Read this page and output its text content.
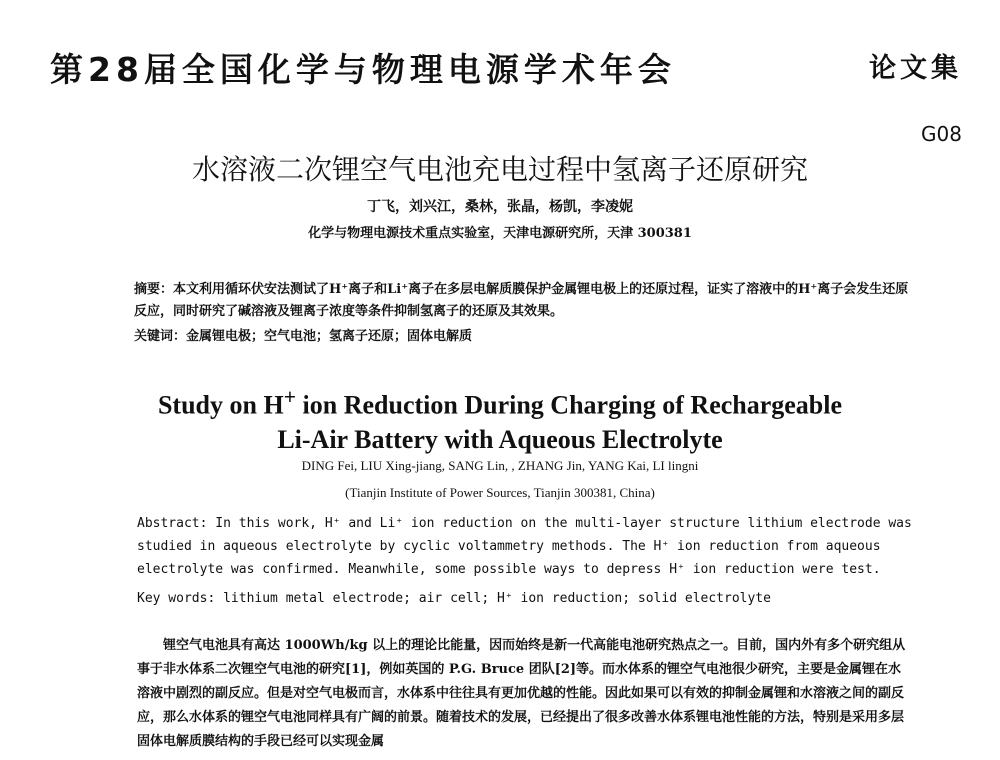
第28届全国化学与物理电源学术年会	论文集
G08
水溶液二次锂空气电池充电过程中氢离子还原研究
丁飞，刘兴江，桑林，张晶，杨凯，李凌妮
化学与物理电源技术重点实验室，天津电源研究所，天津 300381
摘要：本文利用循环伏安法测试了H⁺离子和Li⁺离子在多层电解质膜保护金属锂电极上的还原过程，证实了溶液中的H⁺离子会发生还原反应，同时研究了碱溶液及锂离子浓度等条件抑制氢离子的还原及其效果。
关键词：金属锂电极；空气电池；氢离子还原；固体电解质
Study on H+ ion Reduction During Charging of Rechargeable
Li-Air Battery with Aqueous Electrolyte
DING Fei, LIU Xing-jiang, SANG Lin, , ZHANG Jin, YANG Kai, LI lingni
(Tianjin Institute of Power Sources, Tianjin 300381, China)
Abstract: In this work, H⁺ and Li⁺ ion reduction on the multi-layer structure lithium electrode was studied in aqueous electrolyte by cyclic voltammetry methods. The H⁺ ion reduction from aqueous electrolyte was confirmed. Meanwhile, some possible ways to depress H⁺ ion reduction were test.
Key words: lithium metal electrode; air cell; H⁺ ion reduction; solid electrolyte
锂空气电池具有高达 1000Wh/kg 以上的理论比能量，因而始终是新一代高能电池研究热点之一。目前，国内外有多个研究组从事于非水体系二次锂空气电池的研究[1]，例如英国的 P.G. Bruce 团队[2]等。而水体系的锂空气电池很少研究，主要是金属锂在水溶液中剧烈的副反应。但是对空气电极而言，水体系中往往具有更加优越的性能。因此如果可以有效的抑制金属锂和水溶液之间的副反应，那么水体系的锂空气电池同样具有广阔的前景。随着技术的发展，已经提出了很多改善水体系锂电池性能的方法，特别是采用多层固体电解质膜结构的手段已经可以实现金属
